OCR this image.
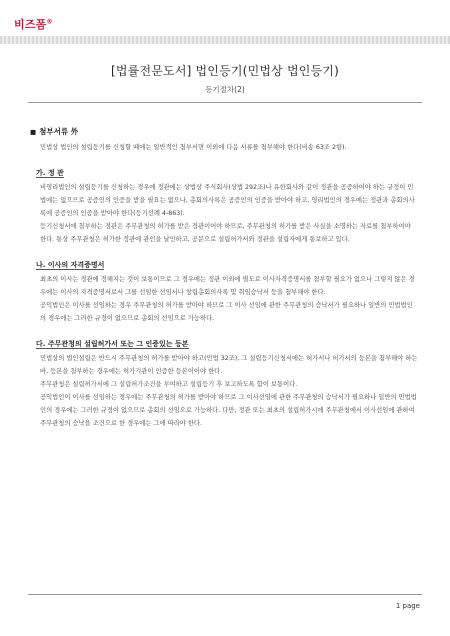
비즈폼®
[법률전문도서] 법인등기(민법상 법인등기)
등기절차(2)
■ 첨부서류 外

민법상 법인의 설립등기를 신청할 때에는 일반적인 첨부서면 이외에 다음 서류를 첨부해야 한다(비송 63조 2항).

가. 정 관

비영리법인의 설립등기를 신청하는 경우에 정관에는 상법상 주식회사(상법 292조)나 유한회사와 같이 정관을 공증하여야 하는 규정이 민법에는 없으므로 공증인의 인증을 받을 필요는 없으나, 총회의사록은 공증인의 인증을 받아야 하고, 영리법인의 경우에는 정관과 총회의사록에 공증인의 인증을 받아야 한다(등기선례 4-863).

등기신청서에 첨부하는 정관은 주무관청의 허가를 받은 정관이어야 하므로, 주무관청의 허가를 받은 사실을 소명하는 자료를 첨부하여야 한다. 통상 주무관청은 허가한 정관에 관인을 날인하고, 공문으로 설립허가서와 정관을 설립자에게 통보하고 있다.

나. 이사의 자격증명서

최초의 이사는 정관에 정해지는 것이 보통이므로 그 경우에는 정관 이외에 별도로 이사자격증명서를 첨부할 필요가 없으나 그렇지 않은 경우에는 이사의 자격증명서로서 그를 선임한 선임서나 창립총회의사록 및 취임승낙서 등을 첨부해야 한다.

공익법인은 이사를 선임하는 경우 주무관청의 허가를 받아야 하므로 그 이사 선임에 관한 주무관청의 승낙서가 필요하나 일반의 민법법인의 경우에는 그러한 규정이 없으므로 총회의 선임으로 가능하다.

다. 주무관청의 설립허가서 또는 그 인증있는 등본

민법상의 법인설립은 반드시 주무관청의 허가를 받아야 하고(민법 32조), 그 설립등기신청서에는 허가서나 허가서의 등본을 첨부해야 하는 바, 등본을 첨부하는 경우에는 허가기관이 인증한 등본이어야 한다.

주무관청은 설립허가서에 그 설립허가조건을 부여하고 설립등기 후 보고하도록 함이 보통이다.

공익법인이 이사를 선임하는 경우에는 주무관청의 허가를 받아야 하므로 그 이사선임에 관한 주무관청의 승낙서가 필요하나 일반의 민법법인의 경우에는 그러한 규정이 없으므로 총회의 선임으로 가능하다. 다만, 정관 또는 최초의 설립허가시에 주무관청에서 이사선임에 관하여 주무관청의 승낙을 조건으로 한 경우에는 그에 따라야 한다.

1 page
